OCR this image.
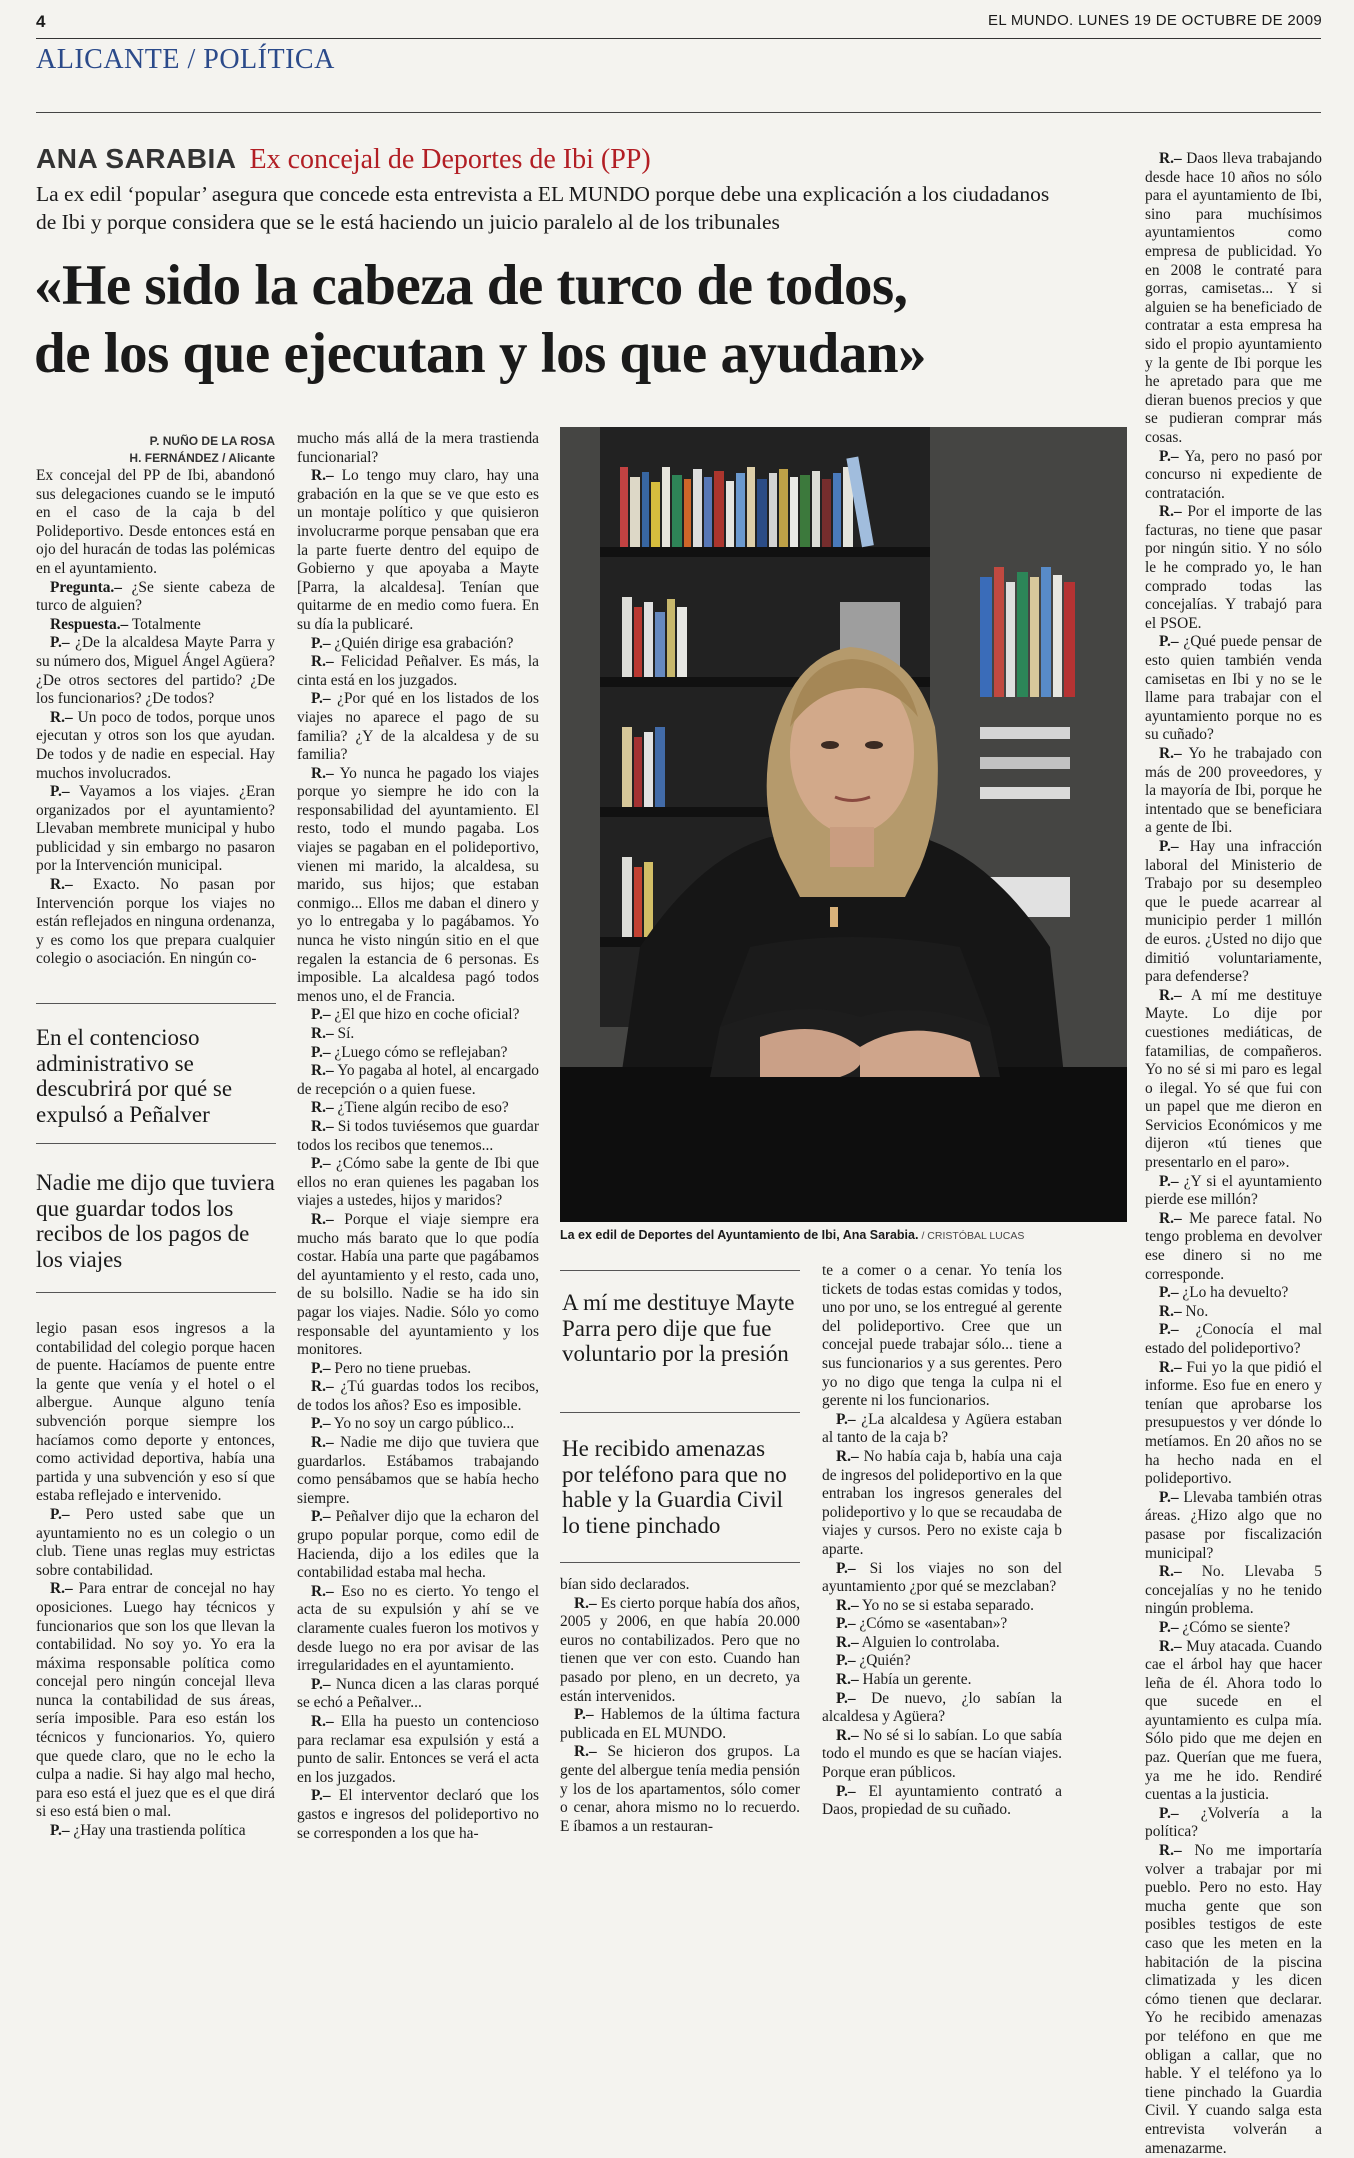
4	EL MUNDO. LUNES 19 DE OCTUBRE DE 2009
ALICANTE / POLÍTICA
ANA SARABIA Ex concejal de Deportes de Ibi (PP)
La ex edil ‘popular’ asegura que concede esta entrevista a EL MUNDO porque debe una explicación a los ciudadanos de Ibi y porque considera que se le está haciendo un juicio paralelo al de los tribunales
«He sido la cabeza de turco de todos,
de los que ejecutan y los que ayudan»
P. NUÑO DE LA ROSA
H. FERNÁNDEZ / Alicante

Ex concejal del PP de Ibi, abandonó sus delegaciones cuando se le imputó en el caso de la caja b del Polideportivo. Desde entonces está en ojo del huracán de todas las polémicas en el ayuntamiento.

Pregunta.– ¿Se siente cabeza de turco de alguien?

Respuesta.– Totalmente

P.– ¿De la alcaldesa Mayte Parra y su número dos, Miguel Ángel Agüera? ¿De otros sectores del partido? ¿De los funcionarios? ¿De todos?

R.– Un poco de todos, porque unos ejecutan y otros son los que ayudan. De todos y de nadie en especial. Hay muchos involucrados.

P.– Vayamos a los viajes. ¿Eran organizados por el ayuntamiento? Llevaban membrete municipal y hubo publicidad y sin embargo no pasaron por la Intervención municipal.

R.– Exacto. No pasan por Intervención porque los viajes no están reflejados en ninguna ordenanza, y es como los que prepara cualquier colegio o asociación. En ningún co-

En el contencioso administrativo se descubrirá por qué se expulsó a Peñalver
Nadie me dijo que tuviera que guardar todos los recibos de los pagos de los viajes

legio pasan esos ingresos a la contabilidad del colegio porque hacen de puente. Hacíamos de puente entre la gente que venía y el hotel o el albergue. Aunque alguno tenía subvención porque siempre los hacíamos como deporte y entonces, como actividad deportiva, había una partida y una subvención y eso sí que estaba reflejado e intervenido.

P.– Pero usted sabe que un ayuntamiento no es un colegio o un club. Tiene unas reglas muy estrictas sobre contabilidad.

R.– Para entrar de concejal no hay oposiciones. Luego hay técnicos y funcionarios que son los que llevan la contabilidad. No soy yo. Yo era la máxima responsable política como concejal pero ningún concejal lleva nunca la contabilidad de sus áreas, sería imposible. Para eso están los técnicos y funcionarios. Yo, quiero que quede claro, que no le echo la culpa a nadie. Si hay algo mal hecho, para eso está el juez que es el que dirá si eso está bien o mal.

P.– ¿Hay una trastienda política

mucho más allá de la mera trastienda funcionarial?

R.– Lo tengo muy claro, hay una grabación en la que se ve que esto es un montaje político y que quisieron involucrarme porque pensaban que era la parte fuerte dentro del equipo de Gobierno y que apoyaba a Mayte [Parra, la alcaldesa]. Tenían que quitarme de en medio como fuera. En su día la publicaré.

P.– ¿Quién dirige esa grabación?

R.– Felicidad Peñalver. Es más, la cinta está en los juzgados.

P.– ¿Por qué en los listados de los viajes no aparece el pago de su familia? ¿Y de la alcaldesa y de su familia?

R.– Yo nunca he pagado los viajes porque yo siempre he ido con la responsabilidad del ayuntamiento. El resto, todo el mundo pagaba. Los viajes se pagaban en el polideportivo, vienen mi marido, la alcaldesa, su marido, sus hijos; que estaban conmigo... Ellos me daban el dinero y yo lo entregaba y lo pagábamos. Yo nunca he visto ningún sitio en el que regalen la estancia de 6 personas. Es imposible. La alcaldesa pagó todos menos uno, el de Francia.

P.– ¿El que hizo en coche oficial?

R.– Sí.

P.– ¿Luego cómo se reflejaban?

R.– Yo pagaba al hotel, al encargado de recepción o a quien fuese.

R.– ¿Tiene algún recibo de eso?

R.– Si todos tuviésemos que guardar todos los recibos que tenemos...

P.– ¿Cómo sabe la gente de Ibi que ellos no eran quienes les pagaban los viajes a ustedes, hijos y maridos?

R.– Porque el viaje siempre era mucho más barato que lo que podía costar. Había una parte que pagábamos del ayuntamiento y el resto, cada uno, de su bolsillo. Nadie se ha ido sin pagar los viajes. Nadie. Sólo yo como responsable del ayuntamiento y los monitores.

P.– Pero no tiene pruebas.

R.– ¿Tú guardas todos los recibos, de todos los años? Eso es imposible.

P.– Yo no soy un cargo público...

R.– Nadie me dijo que tuviera que guardarlos. Estábamos trabajando como pensábamos que se había hecho siempre.

P.– Peñalver dijo que la echaron del grupo popular porque, como edil de Hacienda, dijo a los ediles que la contabilidad estaba mal hecha.

R.– Eso no es cierto. Yo tengo el acta de su expulsión y ahí se ve claramente cuales fueron los motivos y desde luego no era por avisar de las irregularidades en el ayuntamiento.

P.– Nunca dicen a las claras porqué se echó a Peñalver...

R.– Ella ha puesto un contencioso para reclamar esa expulsión y está a punto de salir. Entonces se verá el acta en los juzgados.

P.– El interventor declaró que los gastos e ingresos del polideportivo no se corresponden a los que ha-

La ex edil de Deportes del Ayuntamiento de Ibi, Ana Sarabia. / CRISTÓBAL LUCAS
A mí me destituye Mayte Parra pero dije que fue voluntario por la presión
He recibido amenazas por teléfono para que no hable y la Guardia Civil lo tiene pinchado

bían sido declarados.

R.– Es cierto porque había dos años, 2005 y 2006, en que había 20.000 euros no contabilizados. Pero que no tienen que ver con esto. Cuando han pasado por pleno, en un decreto, ya están intervenidos.

P.– Hablemos de la última factura publicada en EL MUNDO.

R.– Se hicieron dos grupos. La gente del albergue tenía media pensión y los de los apartamentos, sólo comer o cenar, ahora mismo no lo recuerdo. E íbamos a un restauran-

te a comer o a cenar. Yo tenía los tickets de todas estas comidas y todos, uno por uno, se los entregué al gerente del polideportivo. Cree que un concejal puede trabajar sólo... tiene a sus funcionarios y a sus gerentes. Pero yo no digo que tenga la culpa ni el gerente ni los funcionarios.

P.– ¿La alcaldesa y Agüera estaban al tanto de la caja b?

R.– No había caja b, había una caja de ingresos del polideportivo en la que entraban los ingresos generales del polideportivo y lo que se recaudaba de viajes y cursos. Pero no existe caja b aparte.

P.– Si los viajes no son del ayuntamiento ¿por qué se mezclaban?

R.– Yo no se si estaba separado.

P.– ¿Cómo se «asentaban»?

R.– Alguien lo controlaba.

P.– ¿Quién?

R.– Había un gerente.

P.– De nuevo, ¿lo sabían la alcaldesa y Agüera?

R.– No sé si lo sabían. Lo que sabía todo el mundo es que se hacían viajes. Porque eran públicos.

P.– El ayuntamiento contrató a Daos, propiedad de su cuñado.

R.– Daos lleva trabajando desde hace 10 años no sólo para el ayuntamiento de Ibi, sino para muchísimos ayuntamientos como empresa de publicidad. Yo en 2008 le contraté para gorras, camisetas... Y si alguien se ha beneficiado de contratar a esta empresa ha sido el propio ayuntamiento y la gente de Ibi porque les he apretado para que me dieran buenos precios y que se pudieran comprar más cosas.

P.– Ya, pero no pasó por concurso ni expediente de contratación.

R.– Por el importe de las facturas, no tiene que pasar por ningún sitio. Y no sólo le he comprado yo, le han comprado todas las concejalías. Y trabajó para el PSOE.

P.– ¿Qué puede pensar de esto quien también venda camisetas en Ibi y no se le llame para trabajar con el ayuntamiento porque no es su cuñado?

R.– Yo he trabajado con más de 200 proveedores, y la mayoría de Ibi, porque he intentado que se beneficiara a gente de Ibi.

P.– Hay una infracción laboral del Ministerio de Trabajo por su desempleo que le puede acarrear al municipio perder 1 millón de euros. ¿Usted no dijo que dimitió voluntariamente, para defenderse?

R.– A mí me destituye Mayte. Lo dije por cuestiones mediáticas, de fatamilias, de compañeros. Yo no sé si mi paro es legal o ilegal. Yo sé que fui con un papel que me dieron en Servicios Económicos y me dijeron «tú tienes que presentarlo en el paro».

P.– ¿Y si el ayuntamiento pierde ese millón?

R.– Me parece fatal. No tengo problema en devolver ese dinero si no me corresponde.

P.– ¿Lo ha devuelto?

R.– No.

P.– ¿Conocía el mal estado del polideportivo?

R.– Fui yo la que pidió el informe. Eso fue en enero y tenían que aprobarse los presupuestos y ver dónde lo metíamos. En 20 años no se ha hecho nada en el polideportivo.

P.– Llevaba también otras áreas. ¿Hizo algo que no pasase por fiscalización municipal?

R.– No. Llevaba 5 concejalías y no he tenido ningún problema.

P.– ¿Cómo se siente?

R.– Muy atacada. Cuando cae el árbol hay que hacer leña de él. Ahora todo lo que sucede en el ayuntamiento es culpa mía. Sólo pido que me dejen en paz. Querían que me fuera, ya me he ido. Rendiré cuentas a la justicia.

P.– ¿Volvería a la política?

R.– No me importaría volver a trabajar por mi pueblo. Pero no esto. Hay mucha gente que son posibles testigos de este caso que les meten en la habitación de la piscina climatizada y les dicen cómo tienen que declarar. Yo he recibido amenazas por teléfono en que me obligan a callar, que no hable. Y el teléfono ya lo tiene pinchado la Guardia Civil. Y cuando salga esta entrevista volverán a amenazarme.
